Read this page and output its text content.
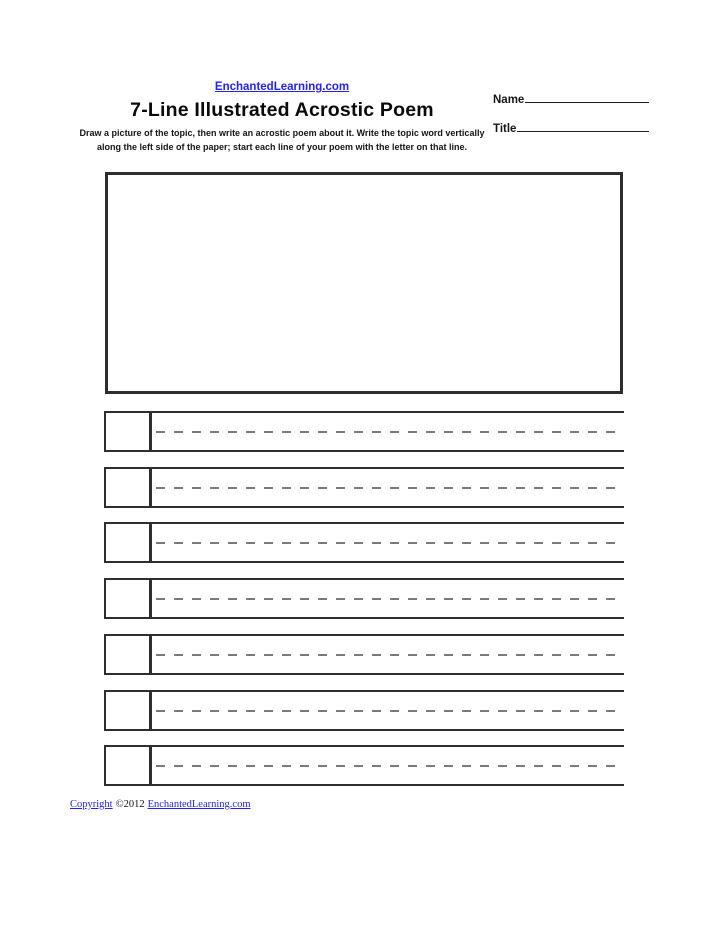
EnchantedLearning.com
7-Line Illustrated Acrostic Poem
Draw a picture of the topic, then write an acrostic poem about it. Write the topic word vertically
along the left side of the paper; start each line of your poem with the letter on that line.
Name
Title
Copyright ©2012 EnchantedLearning.com
